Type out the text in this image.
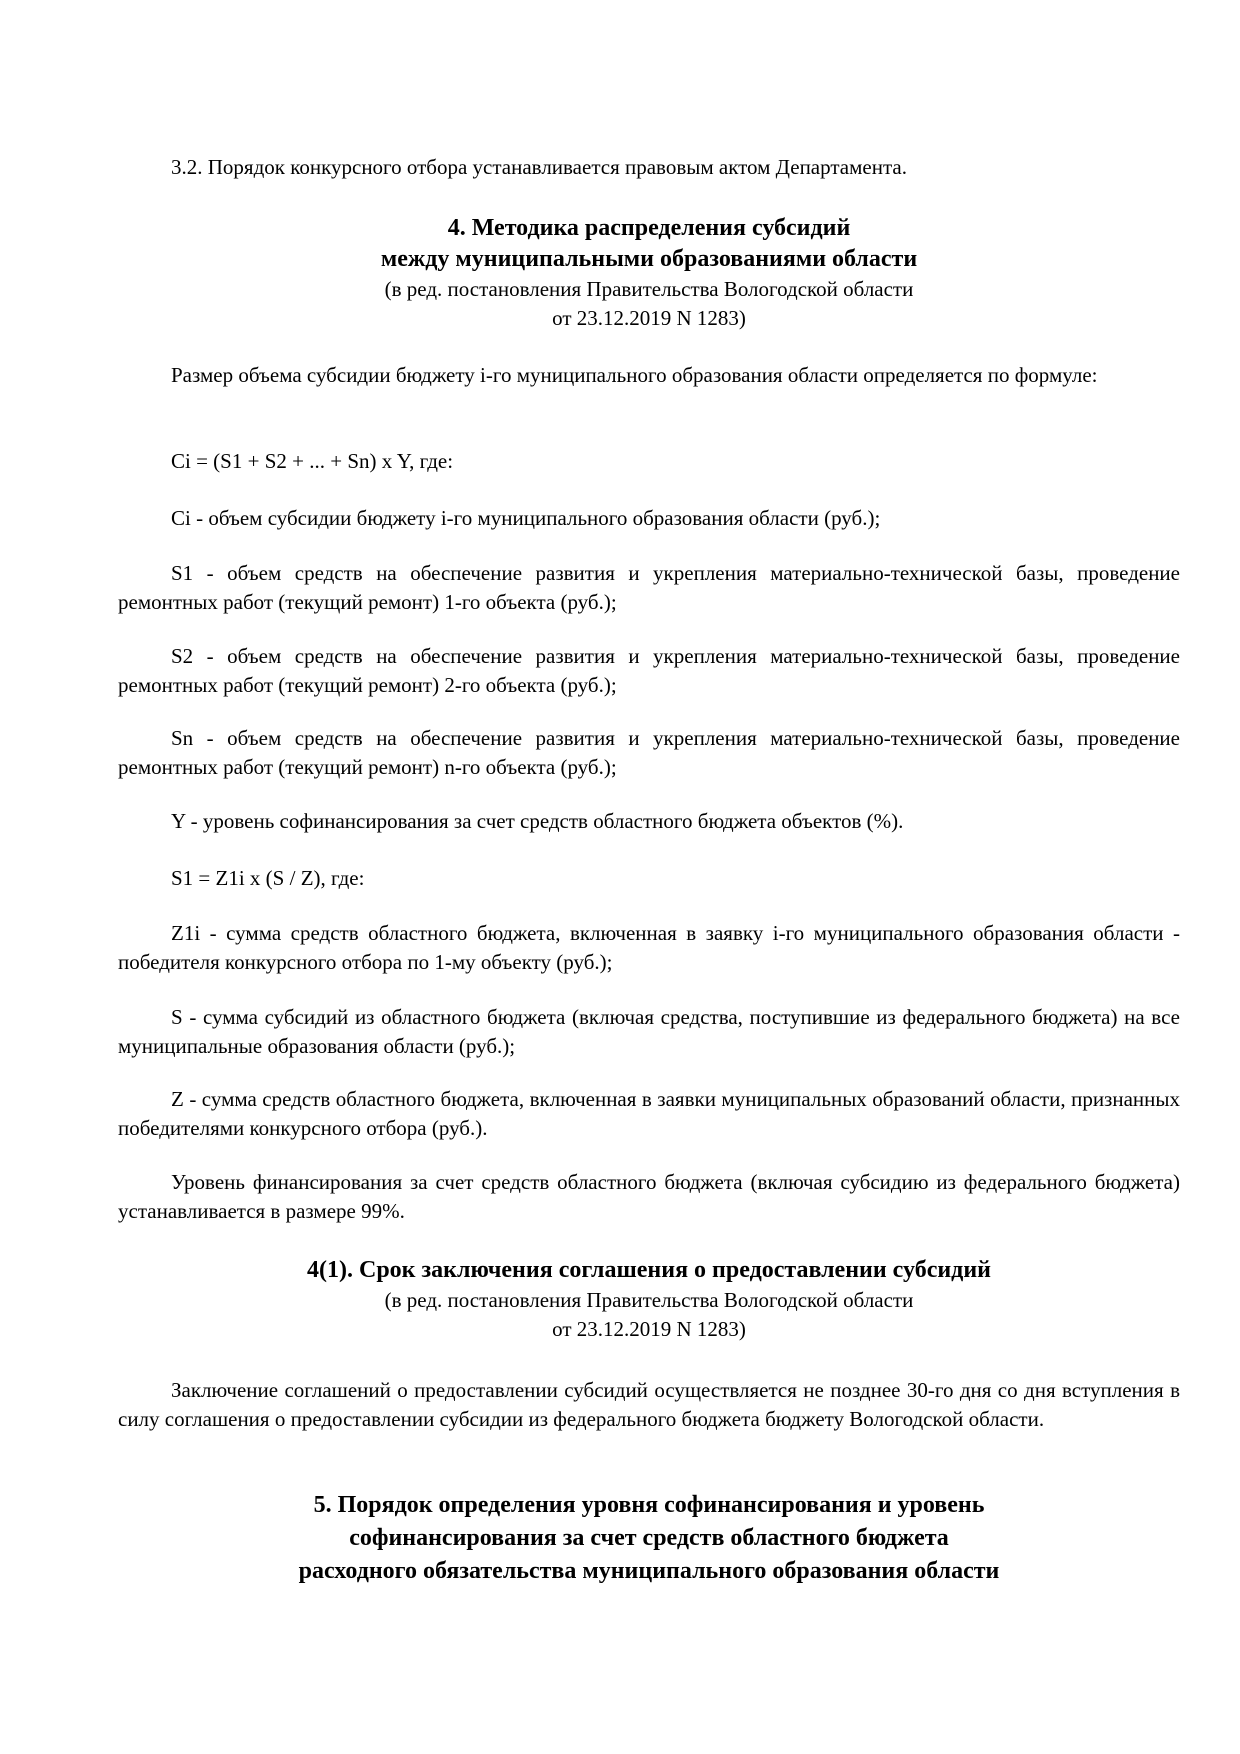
3.2. Порядок конкурсного отбора устанавливается правовым актом Департамента.
4. Методика распределения субсидий
между муниципальными образованиями области
(в ред. постановления Правительства Вологодской области
от 23.12.2019 N 1283)
Размер объема субсидии бюджету i-го муниципального образования области определяется по формуле:
Ci = (S1 + S2 + ... + Sn) x Y, где:
Ci - объем субсидии бюджету i-го муниципального образования области (руб.);
S1 - объем средств на обеспечение развития и укрепления материально-технической базы, проведение ремонтных работ (текущий ремонт) 1-го объекта (руб.);
S2 - объем средств на обеспечение развития и укрепления материально-технической базы, проведение ремонтных работ (текущий ремонт) 2-го объекта (руб.);
Sn - объем средств на обеспечение развития и укрепления материально-технической базы, проведение ремонтных работ (текущий ремонт) n-го объекта (руб.);
Y - уровень софинансирования за счет средств областного бюджета объектов (%).
S1 = Z1i x (S / Z), где:
Z1i - сумма средств областного бюджета, включенная в заявку i-го муниципального образования области - победителя конкурсного отбора по 1-му объекту (руб.);
S - сумма субсидий из областного бюджета (включая средства, поступившие из федерального бюджета) на все муниципальные образования области (руб.);
Z - сумма средств областного бюджета, включенная в заявки муниципальных образований области, признанных победителями конкурсного отбора (руб.).
Уровень финансирования за счет средств областного бюджета (включая субсидию из федерального бюджета) устанавливается в размере 99%.
4(1). Срок заключения соглашения о предоставлении субсидий
(в ред. постановления Правительства Вологодской области
от 23.12.2019 N 1283)
Заключение соглашений о предоставлении субсидий осуществляется не позднее 30-го дня со дня вступления в силу соглашения о предоставлении субсидии из федерального бюджета бюджету Вологодской области.
5. Порядок определения уровня софинансирования и уровень
софинансирования за счет средств областного бюджета
расходного обязательства муниципального образования области
